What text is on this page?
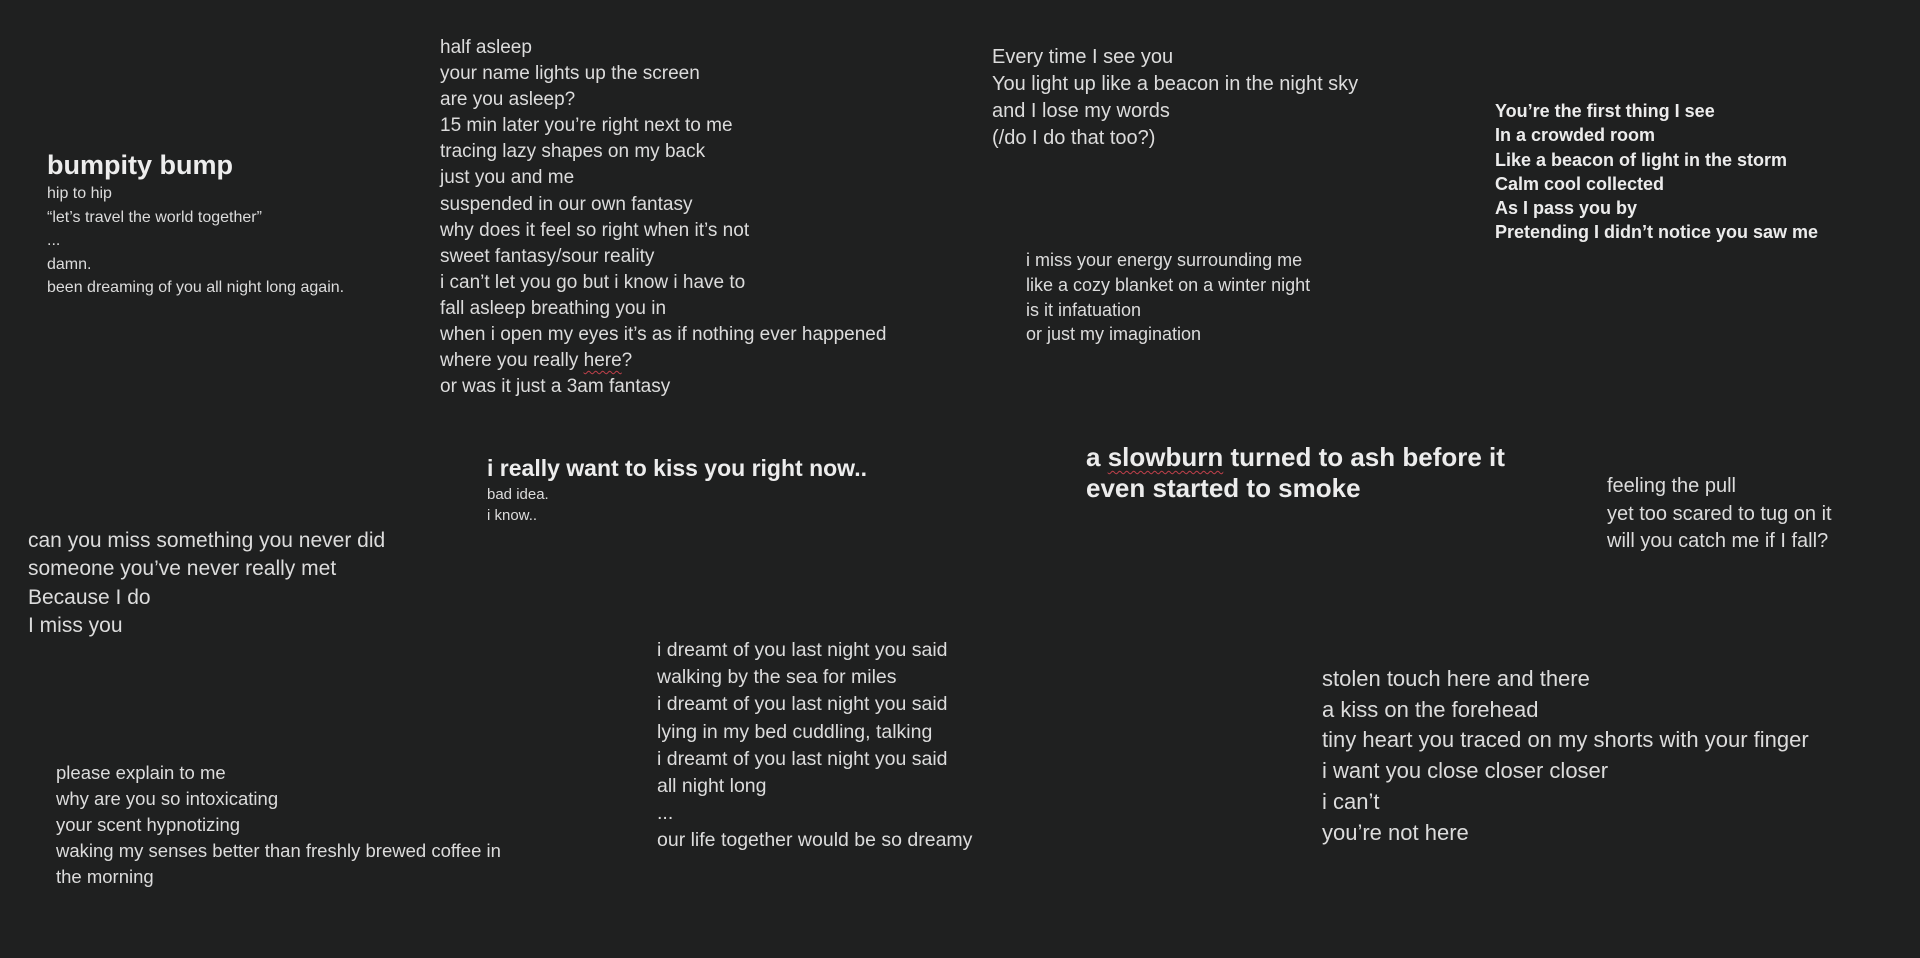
bumpity bump
hip to hip
“let’s travel the world together”
...
damn.
been dreaming of you all night long again.
half asleep
your name lights up the screen
are you asleep?
15 min later you’re right next to me
tracing lazy shapes on my back
just you and me
suspended in our own fantasy
why does it feel so right when it’s not
sweet fantasy/sour reality
i can’t let you go but i know i have to
fall asleep breathing you in
when i open my eyes it’s as if nothing ever happened
where you really here?
or was it just a 3am fantasy
Every time I see you
You light up like a beacon in the night sky
and I lose my words
(/do I do that too?)
You’re the first thing I see
In a crowded room
Like a beacon of light in the storm
Calm cool collected
As I pass you by
Pretending I didn’t notice you saw me
i miss your energy surrounding me
like a cozy blanket on a winter night
is it infatuation
or just my imagination
i really want to kiss you right now..
bad idea.
i know..
a slowburn turned to ash before it
even started to smoke	feeling the pull
yet too scared to tug on it
will you catch me if I fall?
can you miss something you never did
someone you’ve never really met
Because I do
I miss you
i dreamt of you last night you said
walking by the sea for miles
i dreamt of you last night you said
lying in my bed cuddling, talking
i dreamt of you last night you said
all night long
...
our life together would be so dreamy
stolen touch here and there
a kiss on the forehead
tiny heart you traced on my shorts with your finger
i want you close closer closer
i can’t
you’re not here
please explain to me
why are you so intoxicating
your scent hypnotizing
waking my senses better than freshly brewed coffee in
the morning
